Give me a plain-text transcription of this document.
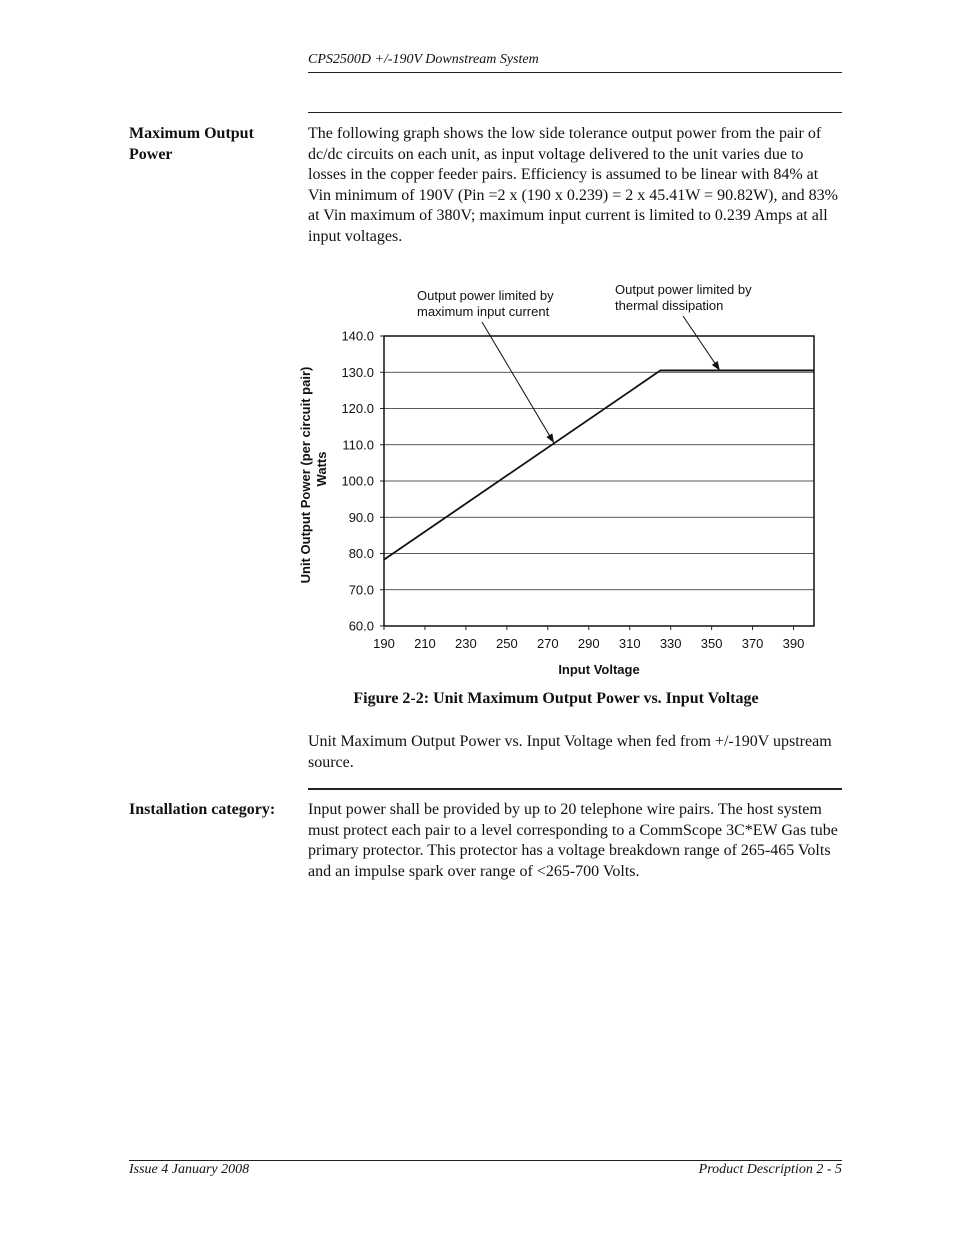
CPS2500D +/-190V Downstream System
Maximum Output Power
The following graph shows the low side tolerance output power from the pair of dc/dc circuits on each unit, as input voltage delivered to the unit varies due to losses in the copper feeder pairs. Efficiency is assumed to be linear with 84% at Vin minimum of 190V (Pin =2 x (190 x 0.239) = 2 x 45.41W = 90.82W), and 83% at Vin maximum of 380V; maximum input current is limited to 0.239 Amps at all input voltages.
60.0
70.0
80.0
90.0
100.0
110.0
120.0
130.0
140.0
190 210 230 250 270 290 310 330 350 370 390
Input Voltage
Unit Output Power (per circuit pair) Watts
Output power limited by
maximum input current
Output power limited by
thermal dissipation
Figure 2-2: Unit Maximum Output Power vs. Input Voltage
Unit Maximum Output Power vs. Input Voltage when fed from +/-190V upstream source.
Installation category:	Input power shall be provided by up to 20 telephone wire pairs. The host system must protect each pair to a level corresponding to a CommScope 3C*EW Gas tube primary protector. This protector has a voltage breakdown range of 265-465 Volts and an impulse spark over range of <265-700 Volts.
Issue 4 January 2008	Product Description 2 - 5
